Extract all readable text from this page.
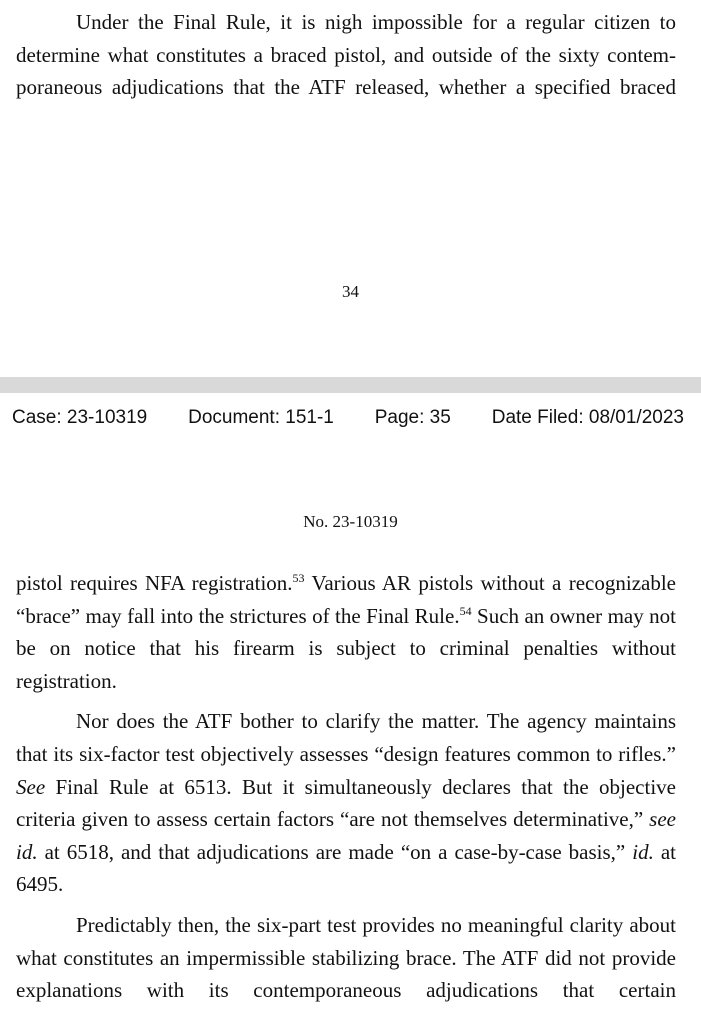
Under the Final Rule, it is nigh impossible for a regular citizen to determine what constitutes a braced pistol, and outside of the sixty contemporaneous adjudications that the ATF released, whether a specified braced

34
Case: 23-10319 Document: 151-1 Page: 35 Date Filed: 08/01/2023
No. 23-10319

pistol requires NFA registration.$^{53}$ Various AR pistols without a recognizable “brace” may fall into the strictures of the Final Rule.$^{54}$ Such an owner may not be on notice that his firearm is subject to criminal penalties without registration.

Nor does the ATF bother to clarify the matter. The agency maintains that its six-factor test objectively assesses “design features common to rifles.” See Final Rule at 6513. But it simultaneously declares that the objective criteria given to assess certain factors “are not themselves determinative,” see id. at 6518, and that adjudications are made “on a case-by-case basis,” id. at 6495.

Predictably then, the six-part test provides no meaningful clarity about what constitutes an impermissible stabilizing brace. The ATF did not provide explanations with its contemporaneous adjudications that certain
